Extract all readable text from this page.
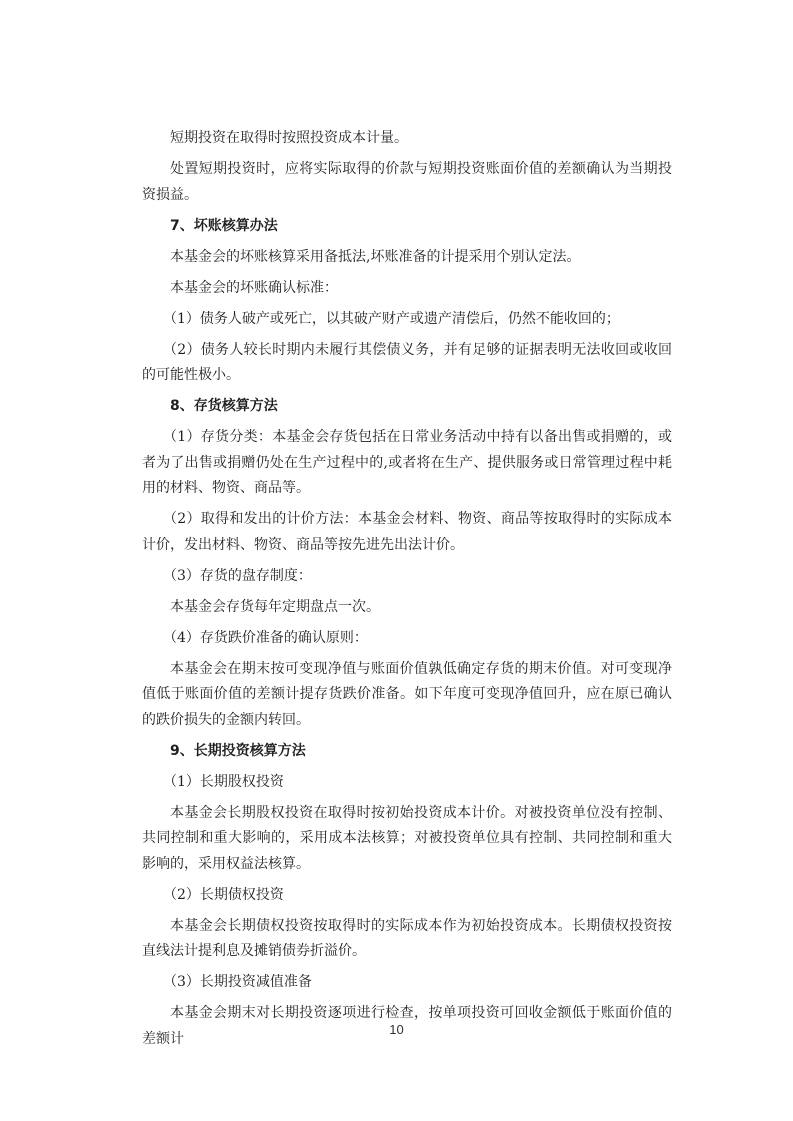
短期投资在取得时按照投资成本计量。

处置短期投资时，应将实际取得的价款与短期投资账面价值的差额确认为当期投资损益。

7、坏账核算办法

本基金会的坏账核算采用备抵法,坏账准备的计提采用个别认定法。

本基金会的坏账确认标准：

（1）债务人破产或死亡，以其破产财产或遗产清偿后，仍然不能收回的；

（2）债务人较长时期内未履行其偿债义务，并有足够的证据表明无法收回或收回的可能性极小。

8、存货核算方法

（1）存货分类：本基金会存货包括在日常业务活动中持有以备出售或捐赠的，或者为了出售或捐赠仍处在生产过程中的,或者将在生产、提供服务或日常管理过程中耗用的材料、物资、商品等。

（2）取得和发出的计价方法：本基金会材料、物资、商品等按取得时的实际成本计价，发出材料、物资、商品等按先进先出法计价。

（3）存货的盘存制度：

本基金会存货每年定期盘点一次。

（4）存货跌价准备的确认原则：

本基金会在期末按可变现净值与账面价值孰低确定存货的期末价值。对可变现净值低于账面价值的差额计提存货跌价准备。如下年度可变现净值回升，应在原已确认的跌价损失的金额内转回。

9、长期投资核算方法

（1）长期股权投资

本基金会长期股权投资在取得时按初始投资成本计价。对被投资单位没有控制、共同控制和重大影响的，采用成本法核算；对被投资单位具有控制、共同控制和重大影响的，采用权益法核算。

（2）长期债权投资

本基金会长期债权投资按取得时的实际成本作为初始投资成本。长期债权投资按直线法计提利息及摊销债券折溢价。

（3）长期投资减值准备

本基金会期末对长期投资逐项进行检查，按单项投资可回收金额低于账面价值的差额计

10
